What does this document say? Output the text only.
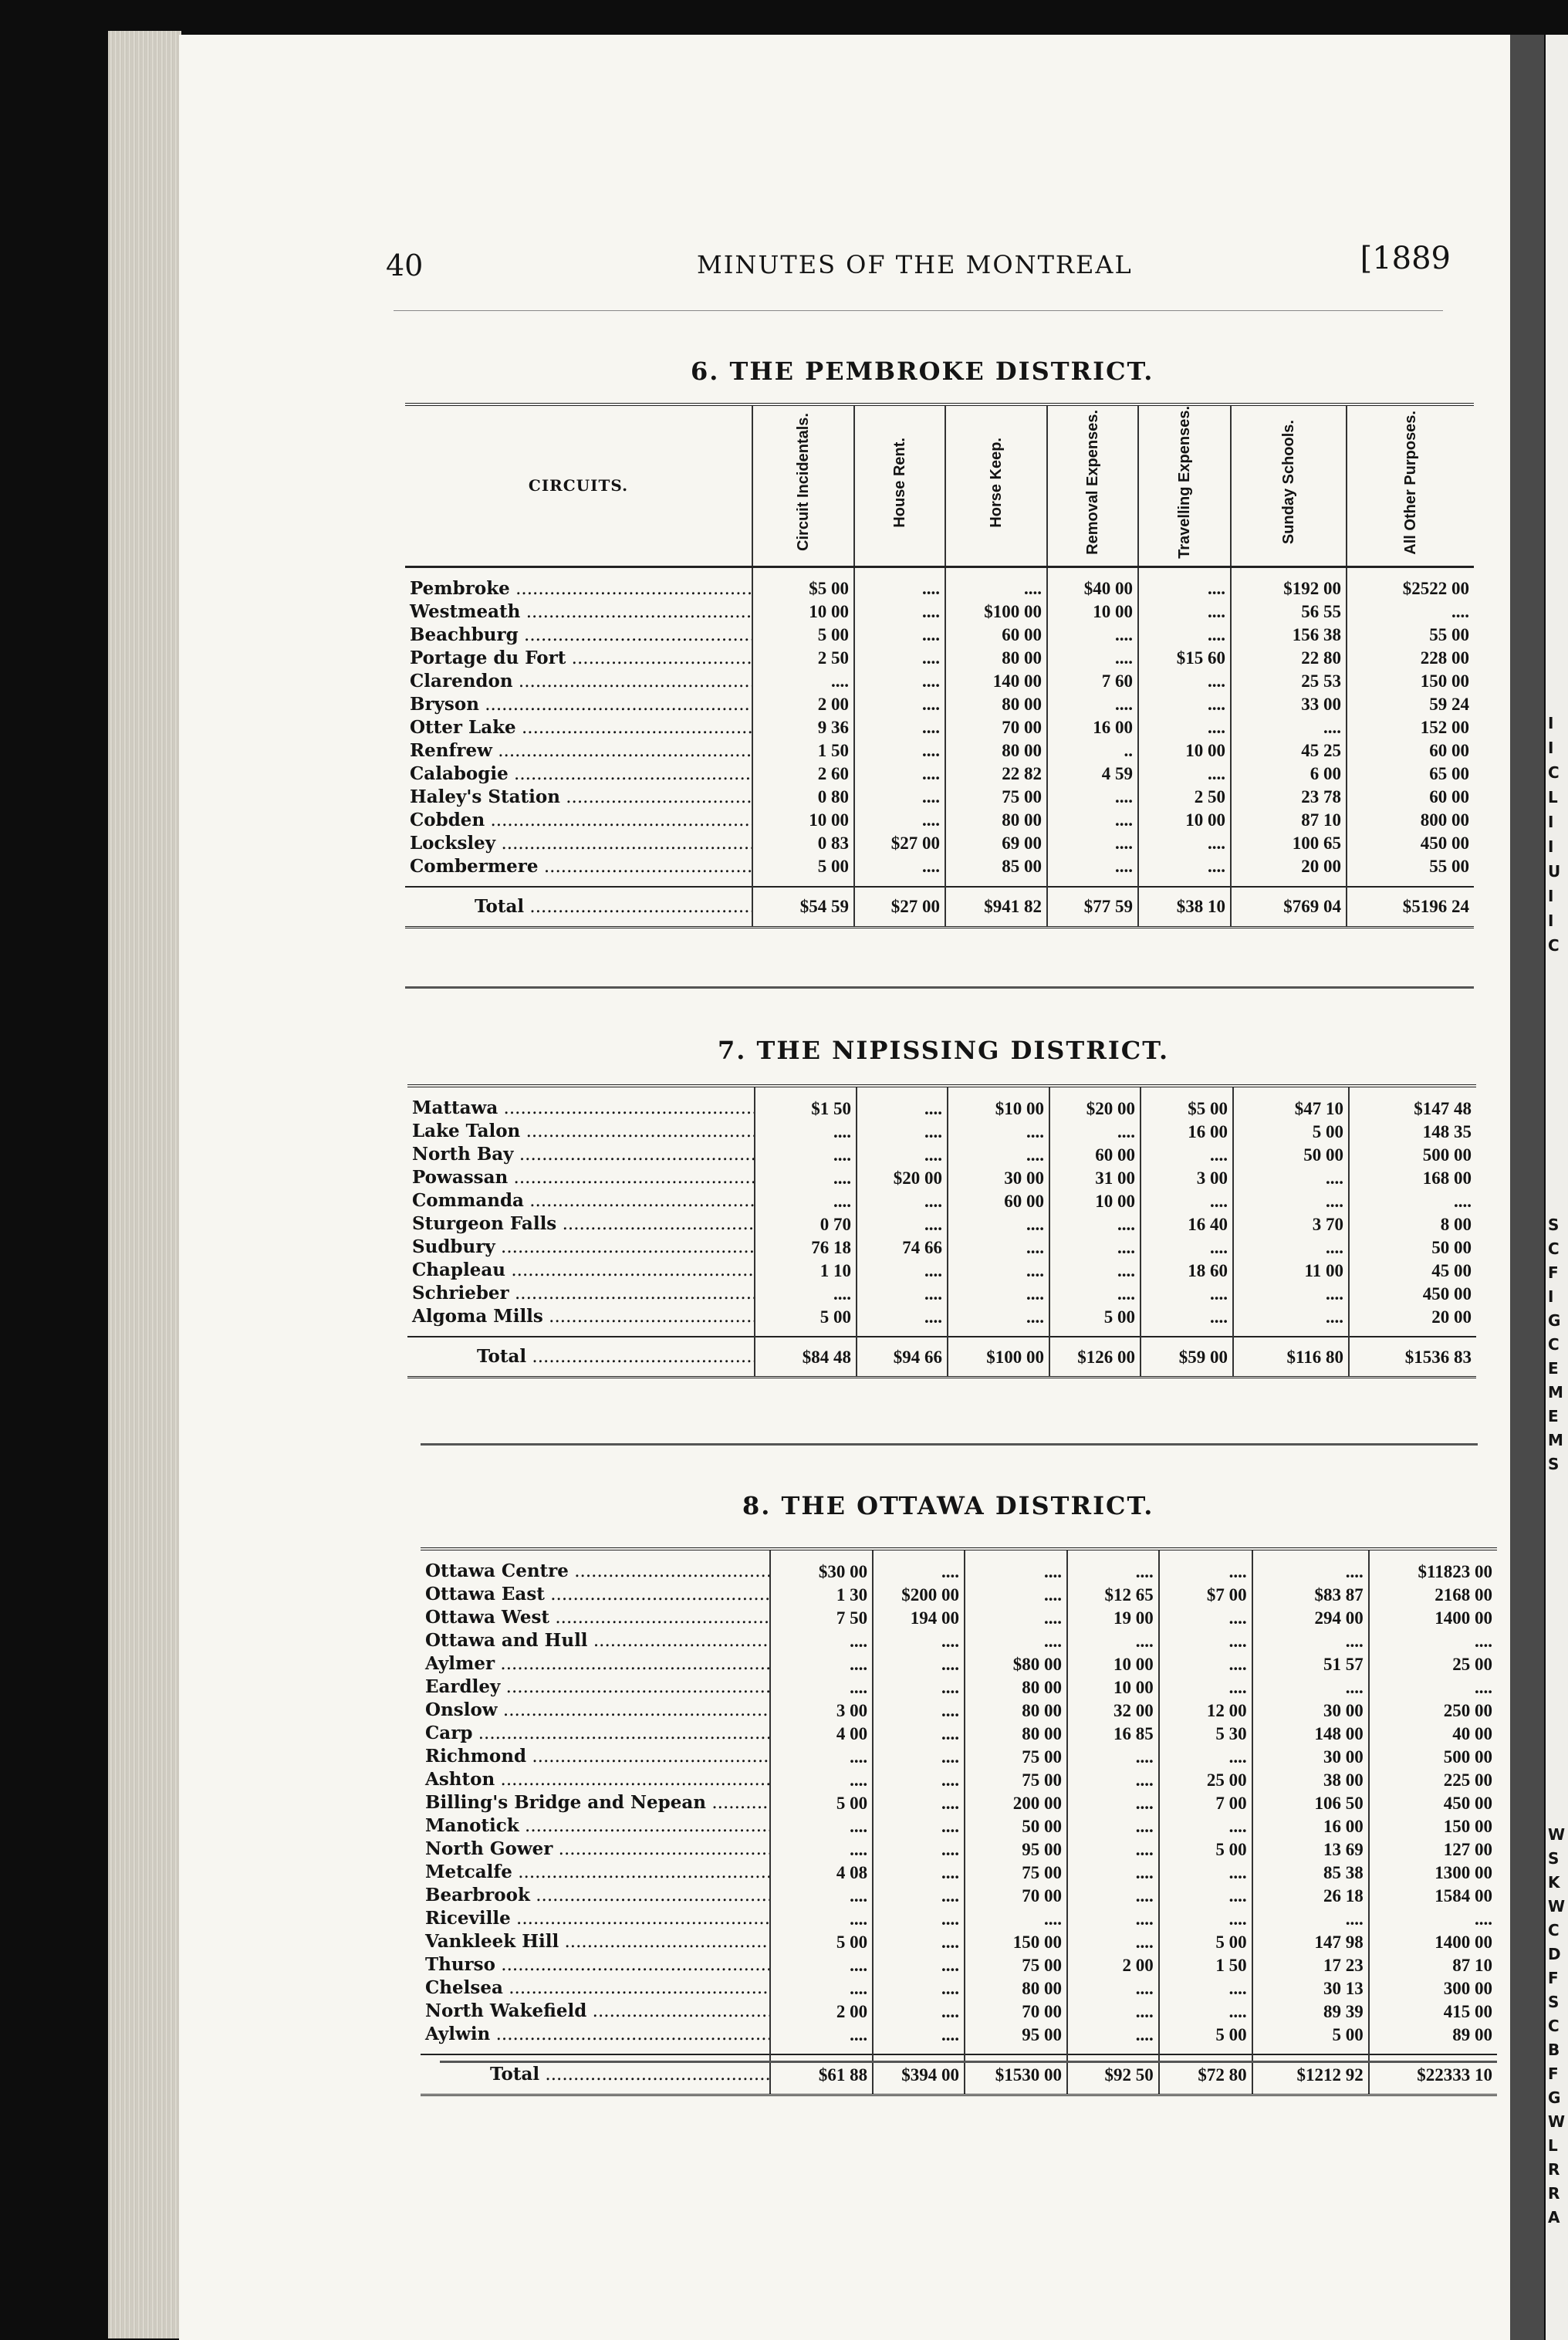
I
I
C
L
I
I
U
I
I
C
S
C
F
I
G
C
E
M
E
M
S
W
S
K
W
C
D
F
S
C
B
F
G
W
L
R
R
A
40	MINUTES OF THE MONTREAL	[1889
6. THE PEMBROKE DISTRICT.
CIRCUITS.	Circuit Incidentals.	House Rent.	Horse Keep.	Removal Expenses.	Travelling Expenses.	Sunday Schools.	All Other Purposes.
Pembroke .....	$5 00	....	....	$40 00	....	$192 00	$2522 00
Westmeath .....	10 00	....	$100 00	10 00	....	56 55	....
Beachburg .....	5 00	....	60 00	....	....	156 38	55 00
Portage du Fort .....	2 50	....	80 00	....	$15 60	22 80	228 00
Clarendon .....	....	....	140 00	7 60	....	25 53	150 00
Bryson .....	2 00	....	80 00	....	....	33 00	59 24
Otter Lake .....	9 36	....	70 00	16 00	....	....	152 00
Renfrew .....	1 50	....	80 00	..	10 00	45 25	60 00
Calabogie .....	2 60	....	22 82	4 59	....	6 00	65 00
Haley's Station .....	0 80	....	75 00	....	2 50	23 78	60 00
Cobden .....	10 00	....	80 00	....	10 00	87 10	800 00
Locksley .....	0 83	$27 00	69 00	....	....	100 65	450 00
Combermere .....	5 00	....	85 00	....	....	20 00	55 00
Total .....	$54 59	$27 00	$941 82	$77 59	$38 10	$769 04	$5196 24
7. THE NIPISSING DISTRICT.
Mattawa .....	$1 50	....	$10 00	$20 00	$5 00	$47 10	$147 48
Lake Talon .....	....	....	....	....	16 00	5 00	148 35
North Bay .....	....	....	....	60 00	....	50 00	500 00
Powassan .....	....	$20 00	30 00	31 00	3 00	....	168 00
Commanda .....	....	....	60 00	10 00	....	....	....
Sturgeon Falls .....	0 70	....	....	....	16 40	3 70	8 00
Sudbury .....	76 18	74 66	....	....	....	....	50 00
Chapleau .....	1 10	....	....	....	18 60	11 00	45 00
Schrieber .....	....	....	....	....	....	....	450 00
Algoma Mills .....	5 00	....	....	5 00	....	....	20 00
Total .....	$84 48	$94 66	$100 00	$126 00	$59 00	$116 80	$1536 83
8. THE OTTAWA DISTRICT.
Ottawa Centre .....	$30 00	....	....	....	....	....	$11823 00
Ottawa East .....	1 30	$200 00	....	$12 65	$7 00	$83 87	2168 00
Ottawa West .....	7 50	194 00	....	19 00	....	294 00	1400 00
Ottawa and Hull .....	....	....	....	....	....	....	....
Aylmer .....	....	....	$80 00	10 00	....	51 57	25 00
Eardley .....	....	....	80 00	10 00	....	....	....
Onslow .....	3 00	....	80 00	32 00	12 00	30 00	250 00
Carp .....	4 00	....	80 00	16 85	5 30	148 00	40 00
Richmond .....	....	....	75 00	....	....	30 00	500 00
Ashton .....	....	....	75 00	....	25 00	38 00	225 00
Billing's Bridge and Nepean .....	5 00	....	200 00	....	7 00	106 50	450 00
Manotick .....	....	....	50 00	....	....	16 00	150 00
North Gower .....	....	....	95 00	....	5 00	13 69	127 00
Metcalfe .....	4 08	....	75 00	....	....	85 38	1300 00
Bearbrook .....	....	....	70 00	....	....	26 18	1584 00
Riceville .....	....	....	....	....	....	....	....
Vankleek Hill .....	5 00	....	150 00	....	5 00	147 98	1400 00
Thurso .....	....	....	75 00	2 00	1 50	17 23	87 10
Chelsea .....	....	....	80 00	....	....	30 13	300 00
North Wakefield .....	2 00	....	70 00	....	....	89 39	415 00
Aylwin .....	....	....	95 00	....	5 00	5 00	89 00
Total .....	$61 88	$394 00	$1530 00	$92 50	$72 80	$1212 92	$22333 10
